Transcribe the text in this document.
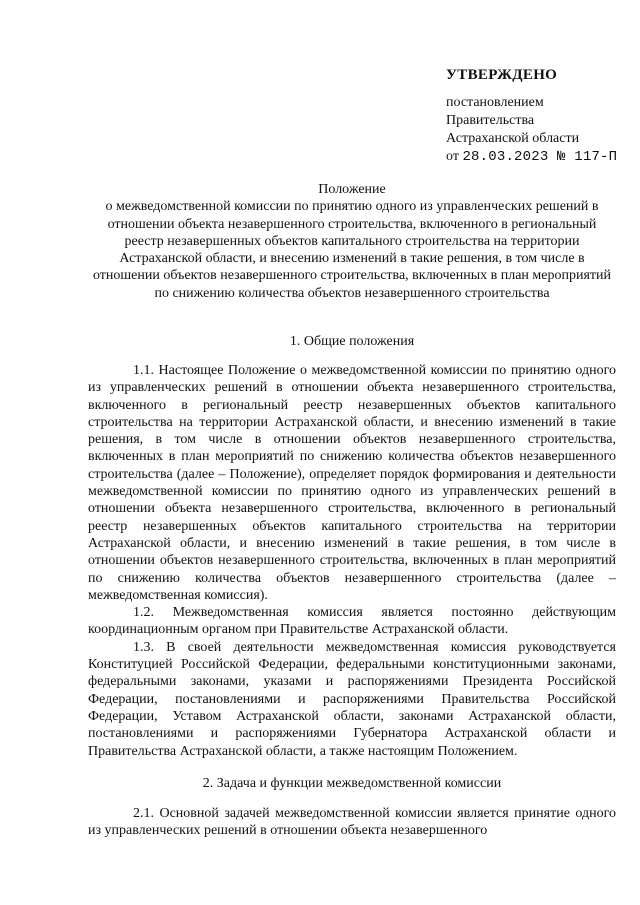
УТВЕРЖДЕНО
постановлением
Правительства
Астраханской области
от 28.03.2023 № 117-П
Положение
о межведомственной комиссии по принятию одного из управленческих решений в отношении объекта незавершенного строительства, включенного в региональный реестр незавершенных объектов капитального строительства на территории Астраханской области, и внесению изменений в такие решения, в том числе в отношении объектов незавершенного строительства, включенных в план мероприятий по снижению количества объектов незавершенного строительства
1. Общие положения

1.1. Настоящее Положение о межведомственной комиссии по принятию одного из управленческих решений в отношении объекта незавершенного строительства, включенного в региональный реестр незавершенных объектов капитального строительства на территории Астраханской области, и внесению изменений в такие решения, в том числе в отношении объектов незавершенного строительства, включенных в план мероприятий по снижению количества объектов незавершенного строительства (далее – Положение), определяет порядок формирования и деятельности межведомственной комиссии по принятию одного из управленческих решений в отношении объекта незавершенного строительства, включенного в региональный реестр незавершенных объектов капитального строительства на территории Астраханской области, и внесению изменений в такие решения, в том числе в отношении объектов незавершенного строительства, включенных в план мероприятий по снижению количества объектов незавершенного строительства (далее – межведомственная комиссия).

1.2. Межведомственная комиссия является постоянно действующим координационным органом при Правительстве Астраханской области.

1.3. В своей деятельности межведомственная комиссия руководствуется Конституцией Российской Федерации, федеральными конституционными законами, федеральными законами, указами и распоряжениями Президента Российской Федерации, постановлениями и распоряжениями Правительства Российской Федерации, Уставом Астраханской области, законами Астраханской области, постановлениями и распоряжениями Губернатора Астраханской области и Правительства Астраханской области, а также настоящим Положением.

2. Задача и функции межведомственной комиссии

2.1. Основной задачей межведомственной комиссии является принятие одного из управленческих решений в отношении объекта незавершенного
